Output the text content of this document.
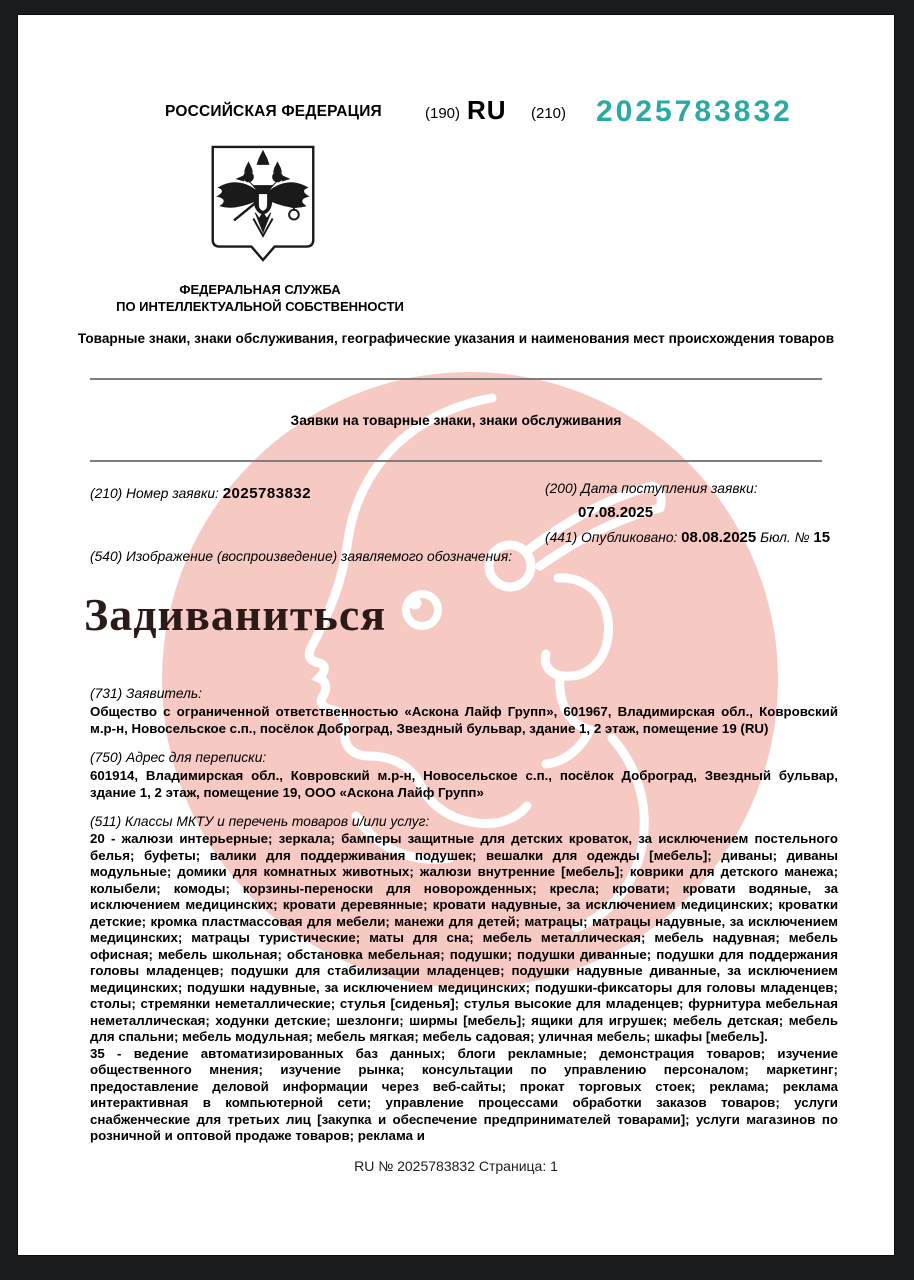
РОССИЙСКАЯ ФЕДЕРАЦИЯ	(190) RU (210) 2025783832
ФЕДЕРАЛЬНАЯ СЛУЖБА
ПО ИНТЕЛЛЕКТУАЛЬНОЙ СОБСТВЕННОСТИ
Товарные знаки, знаки обслуживания, географические указания и наименования мест происхождения товаров
Заявки на товарные знаки, знаки обслуживания
(210) Номер заявки: 2025783832	(200) Дата поступления заявки:
07.08.2025
(441) Опубликовано: 08.08.2025 Бюл. № 15
(540) Изображение (воспроизведение) заявляемого обозначения:
Задиваниться
(731) Заявитель:

Общество с ограниченной ответственностью «Аскона Лайф Групп», 601967, Владимирская обл., Ковровский м.р-н, Новосельское с.п., посёлок Доброград, Звездный бульвар, здание 1, 2 этаж, помещение 19 (RU)

(750) Адрес для переписки:

601914, Владимирская обл., Ковровский м.р-н, Новосельское с.п., посёлок Доброград, Звездный бульвар, здание 1, 2 этаж, помещение 19, ООО «Аскона Лайф Групп»

(511) Классы МКТУ и перечень товаров и/или услуг:

20 - жалюзи интерьерные; зеркала; бамперы защитные для детских кроваток, за исключением постельного белья; буфеты; валики для поддерживания подушек; вешалки для одежды [мебель]; диваны; диваны модульные; домики для комнатных животных; жалюзи внутренние [мебель]; коврики для детского манежа; колыбели; комоды; корзины-переноски для новорожденных; кресла; кровати; кровати водяные, за исключением медицинских; кровати деревянные; кровати надувные, за исключением медицинских; кроватки детские; кромка пластмассовая для мебели; манежи для детей; матрацы; матрацы надувные, за исключением медицинских; матрацы туристические; маты для сна; мебель металлическая; мебель надувная; мебель офисная; мебель школьная; обстановка мебельная; подушки; подушки диванные; подушки для поддержания головы младенцев; подушки для стабилизации младенцев; подушки надувные диванные, за исключением медицинских; подушки надувные, за исключением медицинских; подушки-фиксаторы для головы младенцев; столы; стремянки неметаллические; стулья [сиденья]; стулья высокие для младенцев; фурнитура мебельная неметаллическая; ходунки детские; шезлонги; ширмы [мебель]; ящики для игрушек; мебель детская; мебель для спальни; мебель модульная; мебель мягкая; мебель садовая; уличная мебель; шкафы [мебель].

35 - ведение автоматизированных баз данных; блоги рекламные; демонстрация товаров; изучение общественного мнения; изучение рынка; консультации по управлению персоналом; маркетинг; предоставление деловой информации через веб-сайты; прокат торговых стоек; реклама; реклама интерактивная в компьютерной сети; управление процессами обработки заказов товаров; услуги снабженческие для третьих лиц [закупка и обеспечение предпринимателей товарами]; услуги магазинов по розничной и оптовой продаже товаров; реклама и

RU № 2025783832 Страница: 1
